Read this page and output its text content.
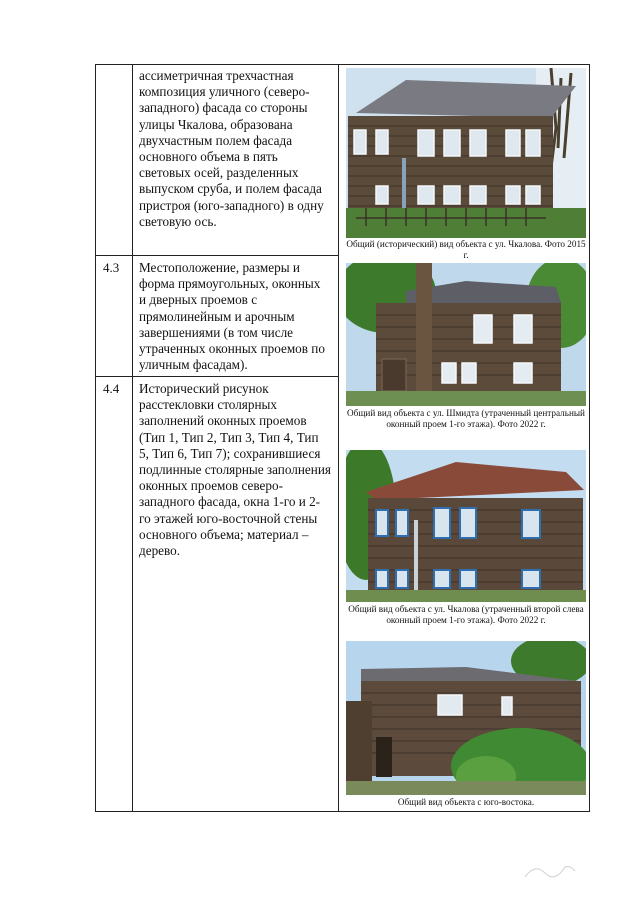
ассиметричная трехчастная композиция уличного (северо-западного) фасада со стороны улицы Чкалова, образована двухчастным полем фасада основного объема в пять световых осей, разделенных выпуском сруба, и полем фасада пристроя (юго-западного) в одну световую ось.

4.3 Местоположение, размеры и форма прямоугольных, оконных и дверных проемов с прямолинейным и арочным завершениями (в том числе утраченных оконных проемов по уличным фасадам).

4.4 Исторический рисунок расстекловки столярных заполнений оконных проемов (Тип 1, Тип 2, Тип 3, Тип 4, Тип 5, Тип 6, Тип 7); сохранившиеся подлинные столярные заполнения оконных проемов северо-западного фасада, окна 1-го и 2-го этажей юго-восточной стены основного объема; материал – дерево.

Общий (исторический) вид объекта с ул. Чкалова. Фото 2015 г.
Общий вид объекта с ул. Шмидта (утраченный центральный оконный проем 1-го этажа). Фото 2022 г.
Общий вид объекта с ул. Чкалова (утраченный второй слева оконный проем 1-го этажа). Фото 2022 г.
Общий вид объекта с юго-востока.
